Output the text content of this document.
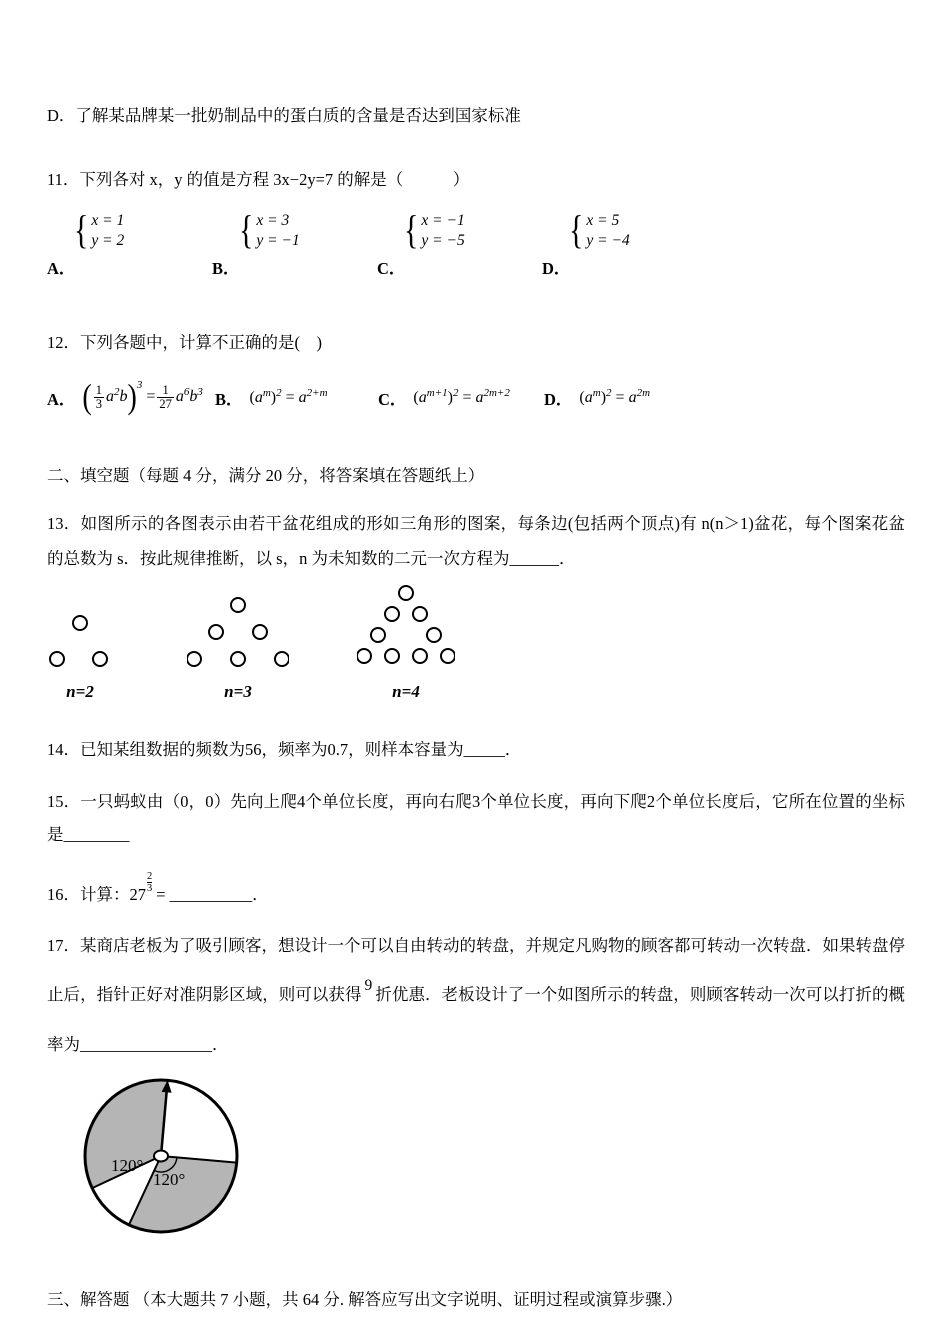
D．了解某品牌某一批奶制品中的蛋白质的含量是否达到国家标准

11．下列各对 x，y 的值是方程 3x−2y=7 的解是（　　　）

{ x = 1
y = 2
A．
{ x = 3
y = −1
B．
{ x = −1
y = −5
C．
{ x = 5
y = −4
D．

12．下列各题中，计算不正确的是(　)

A． ( $\frac{1}{3} a^2b)^3 = \frac{1}{27} a^6b^3$ B． $(a^m)^2 = a^{2+m}$	C． $(a^{m+1})^2 = a^{2m+2}$ D． $(a^m)^2 = a^{2m}$

二、填空题（每题 4 分，满分 20 分，将答案填在答题纸上）

13．如图所示的各图表示由若干盆花组成的形如三角形的图案，每条边(包括两个顶点)有 n(n＞1)盆花，每个图案花盆的总数为 s．按此规律推断，以 s，n 为未知数的二元一次方程为______．

n=2	n=3	n=4

14．已知某组数据的频数为56，频率为0.7，则样本容量为_____．

15．一只蚂蚁由（0，0）先向上爬4个单位长度，再向右爬3个单位长度，再向下爬2个单位长度后，它所在位置的坐标是________

16．计算：$27\frac{2}{3}$
= __________．

17．某商店老板为了吸引顾客，想设计一个可以自由转动的转盘，并规定凡购物的顾客都可转动一次转盘．如果转盘停止后，指针正好对准阴影区域，则可以获得 9 折优惠．老板设计了一个如图所示的转盘，则顾客转动一次可以打折的概率为________________．

120°
120°

三、解答题 （本大题共 7 小题，共 64 分. 解答应写出文字说明、证明过程或演算步骤.）
